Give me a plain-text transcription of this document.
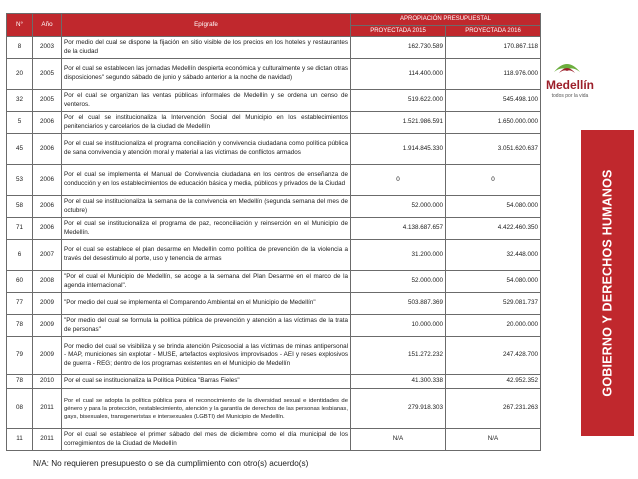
N°	Año	Epígrafe	APROPIACIÓN PRESUPUESTAL	
			PROYECTADA 2015	PROYECTADA 2016
8	2003	Por medio del cual se dispone la fijación en sitio visible de los precios en los hoteles y restaurantes de la ciudad	162.730.589	170.867.118
20	2005	Por el cual se establecen las jornadas Medellín despierta económica y culturalmente y se dictan otras disposiciones" segundo sábado de junio y sábado anterior a la noche de navidad)	114.400.000	118.976.000
32	2005	Por el cual se organizan las ventas públicas informales de Medellín y se ordena un censo de venteros.	519.622.000	545.498.100
5	2006	Por el cual se institucionaliza la Intervención Social del Municipio en los establecimientos penitenciarios y carcelarios de la ciudad de Medellín	1.521.986.591	1.650.000.000
45	2006	Por el cual se institucionaliza el programa conciliación y convivencia ciudadana como política pública de sana convivencia y atención moral y material a las víctimas de conflictos armados	1.914.845.330	3.051.620.637
53	2006	Por el cual se implementa el Manual de Convivencia ciudadana en los centros de enseñanza de conducción y en los establecimientos de educación básica y media, públicos y privados de la Ciudad	0	0
58	2006	Por el cual se institucionaliza la semana de la convivencia en Medellín (segunda semana del mes de octubre)	52.000.000	54.080.000
71	2006	Por el cual se institucionaliza el programa de paz, reconciliación y reinserción en el Municipio de Medellín.	4.138.687.657	4.422.460.350
6	2007	Por el cual se establece el plan desarme en Medellín como política de prevención de la violencia a través del desestimulo al porte, uso y tenencia de armas	31.200.000	32.448.000
60	2008	"Por el cual el Municipio de Medellín, se acoge a la semana del Plan Desarme en el marco de la agenda internacional".	52.000.000	54.080.000
77	2009	"Por medio del cual se implementa el Comparendo Ambiental en el Municipio de Medellín"	503.887.369	529.081.737
78	2009	"Por medio del cual se formula la política pública de prevención y atención a las víctimas de la trata de personas"	10.000.000	20.000.000
79	2009	Por medio del cual se visibiliza y se brinda atención Psicosocial a las víctimas de minas antipersonal - MAP, municiones sin explotar - MUSE, artefactos explosivos improvisados - AEI y reses explosivos de guerra - REG; dentro de los programas existentes en el Municipio de Medellín	151.272.232	247.428.700
78	2010	Por el cual se institucionaliza la Política Pública "Barras Fieles"	41.300.338	42.952.352
08	2011	Por el cual se adopta la política pública para el reconocimiento de la diversidad sexual e identidades de género y para la protección, restablecimiento, atención y la garantía de derechos de las personas lesbianas, gays, bisexuales, transgeneristas e intersexuales (LGBTI) del Municipio de Medellín.	279.918.303	267.231.263
11	2011	Por el cual se establece el primer sábado del mes de diciembre como el día municipal de los corregimientos de la Ciudad de Medellín	N/A	N/A
N/A: No requieren presupuesto o se da cumplimiento con otro(s) acuerdo(s)
Medellín
todos por la vida
GOBIERNO Y DERECHOS HUMANOS
